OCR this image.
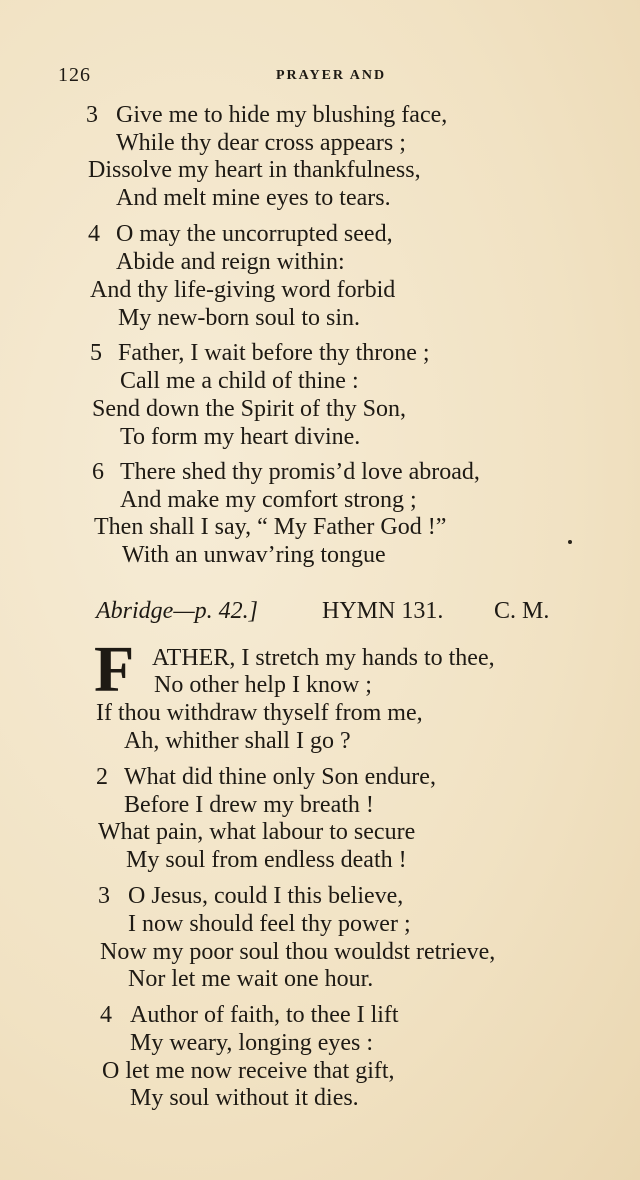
126	PRAYER AND
3 Give me to hide my blushing face,
While thy dear cross appears ;
Dissolve my heart in thankfulness,
And melt mine eyes to tears.
4 O may the uncorrupted seed,
Abide and reign within:
And thy life-giving word forbid
My new-born soul to sin.
5 Father, I wait before thy throne ;
Call me a child of thine :
Send down the Spirit of thy Son,
To form my heart divine.
6 There shed thy promis’d love abroad,
And make my comfort strong ;
Then shall I say, “ My Father God !”
With an unwav’ring tongue
Abridge—p. 42.]	HYMN 131. C. M.
F ATHER, I stretch my hands to thee,
No other help I know ;
If thou withdraw thyself from me,
Ah, whither shall I go ?
2 What did thine only Son endure,
Before I drew my breath !
What pain, what labour to secure
My soul from endless death !
3 O Jesus, could I this believe,
I now should feel thy power ;
Now my poor soul thou wouldst retrieve,
Nor let me wait one hour.
4 Author of faith, to thee I lift
My weary, longing eyes :
O let me now receive that gift,
My soul without it dies.
